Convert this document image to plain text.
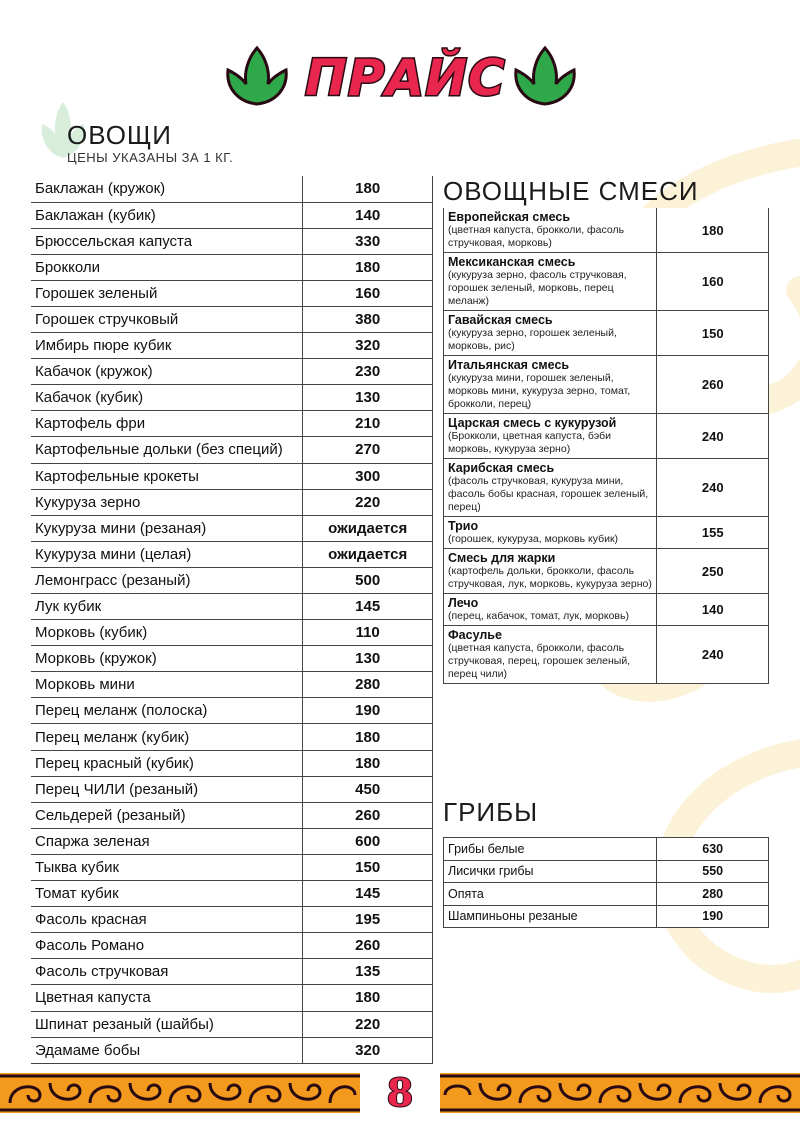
ПРАЙС
ОВОЩИ
ЦЕНЫ УКАЗАНЫ ЗА 1 КГ.
Баклажан (кружок)	180
Баклажан (кубик)	140
Брюссельская капуста	330
Брокколи	180
Горошек зеленый	160
Горошек стручковый	380
Имбирь пюре кубик	320
Кабачок (кружок)	230
Кабачок (кубик)	130
Картофель фри	210
Картофельные дольки (без специй)	270
Картофельные крокеты	300
Кукуруза зерно	220
Кукуруза мини (резаная)	ожидается
Кукуруза мини (целая)	ожидается
Лемонграсс (резаный)	500
Лук кубик	145
Морковь (кубик)	110
Морковь (кружок)	130
Морковь мини	280
Перец меланж (полоска)	190
Перец меланж (кубик)	180
Перец красный (кубик)	180
Перец ЧИЛИ (резаный)	450
Сельдерей (резаный)	260
Спаржа зеленая	600
Тыква кубик	150
Томат кубик	145
Фасоль красная	195
Фасоль Романо	260
Фасоль стручковая	135
Цветная капуста	180
Шпинат резаный (шайбы)	220
Эдамаме бобы	320
ОВОЩНЫЕ СМЕСИ
Европейская смесь
(цветная капуста, брокколи, фасоль стручковая, морковь)	180

Мексиканская смесь
(кукуруза зерно, фасоль стручковая, горошек зеленый, морковь, перец меланж)	160

Гавайская смесь
(кукуруза зерно, горошек зеленый, морковь, рис)	150

Итальянская смесь
(кукуруза мини, горошек зеленый, морковь мини, кукуруза зерно, томат, брокколи, перец)	260

Царская смесь с кукурузой
(Брокколи, цветная капуста, бэби морковь, кукуруза зерно)	240

Карибская смесь
(фасоль стручковая, кукуруза мини, фасоль бобы красная, горошек зеленый, перец)	240

Трио
(горошек, кукуруза, морковь кубик)	155

Смесь для жарки
(картофель дольки, брокколи, фасоль стручковая, лук, морковь, кукуруза зерно)	250

Лечо
(перец, кабачок, томат, лук, морковь)	140

Фасулье
(цветная капуста, брокколи, фасоль стручковая, перец, горошек зеленый, перец чили)	240
ГРИБЫ
Грибы белые	630
Лисички грибы	550
Опята	280
Шампиньоны резаные	190
8
